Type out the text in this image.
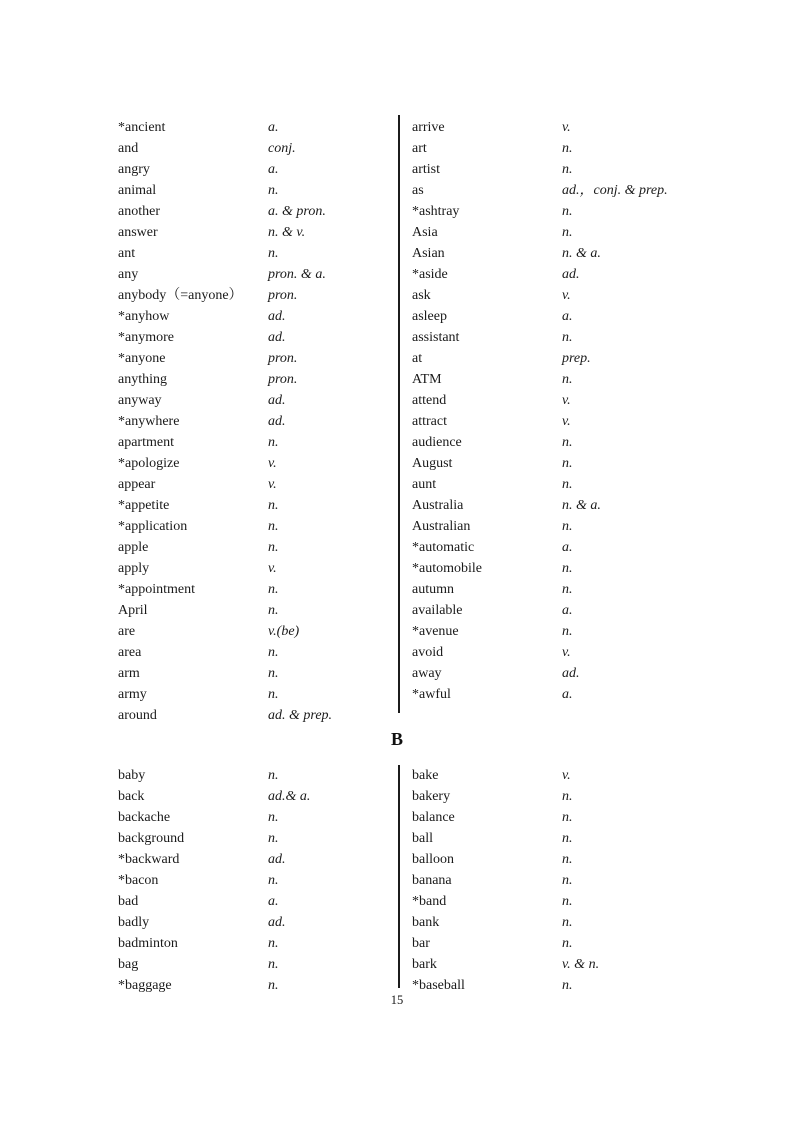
*ancient	a.
and	conj.
angry	a.
animal	n.
another	a. & pron.
answer	n. & v.
ant	n.
any	pron. & a.
anybody（=anyone）	pron.
*anyhow	ad.
*anymore	ad.
*anyone	pron.
anything	pron.
anyway	ad.
*anywhere	ad.
apartment	n.
*apologize	v.
appear	v.
*appetite	n.
*application	n.
apple	n.
apply	v.
*appointment	n.
April	n.
are	v.(be)
area	n.
arm	n.
army	n.
around	ad. & prep.
arrive	v.
art	n.
artist	n.
as	ad.，conj. & prep.
*ashtray	n.
Asia	n.
Asian	n. & a.
*aside	ad.
ask	v.
asleep	a.
assistant	n.
at	prep.
ATM	n.
attend	v.
attract	v.
audience	n.
August	n.
aunt	n.
Australia	n. & a.
Australian	n.
*automatic	a.
*automobile	n.
autumn	n.
available	a.
*avenue	n.
avoid	v.
away	ad.
*awful	a.
B
baby	n.
back	ad.& a.
backache	n.
background	n.
*backward	ad.
*bacon	n.
bad	a.
badly	ad.
badminton	n.
bag	n.
*baggage	n.
bake	v.
bakery	n.
balance	n.
ball	n.
balloon	n.
banana	n.
*band	n.
bank	n.
bar	n.
bark	v. & n.
*baseball	n.
15
